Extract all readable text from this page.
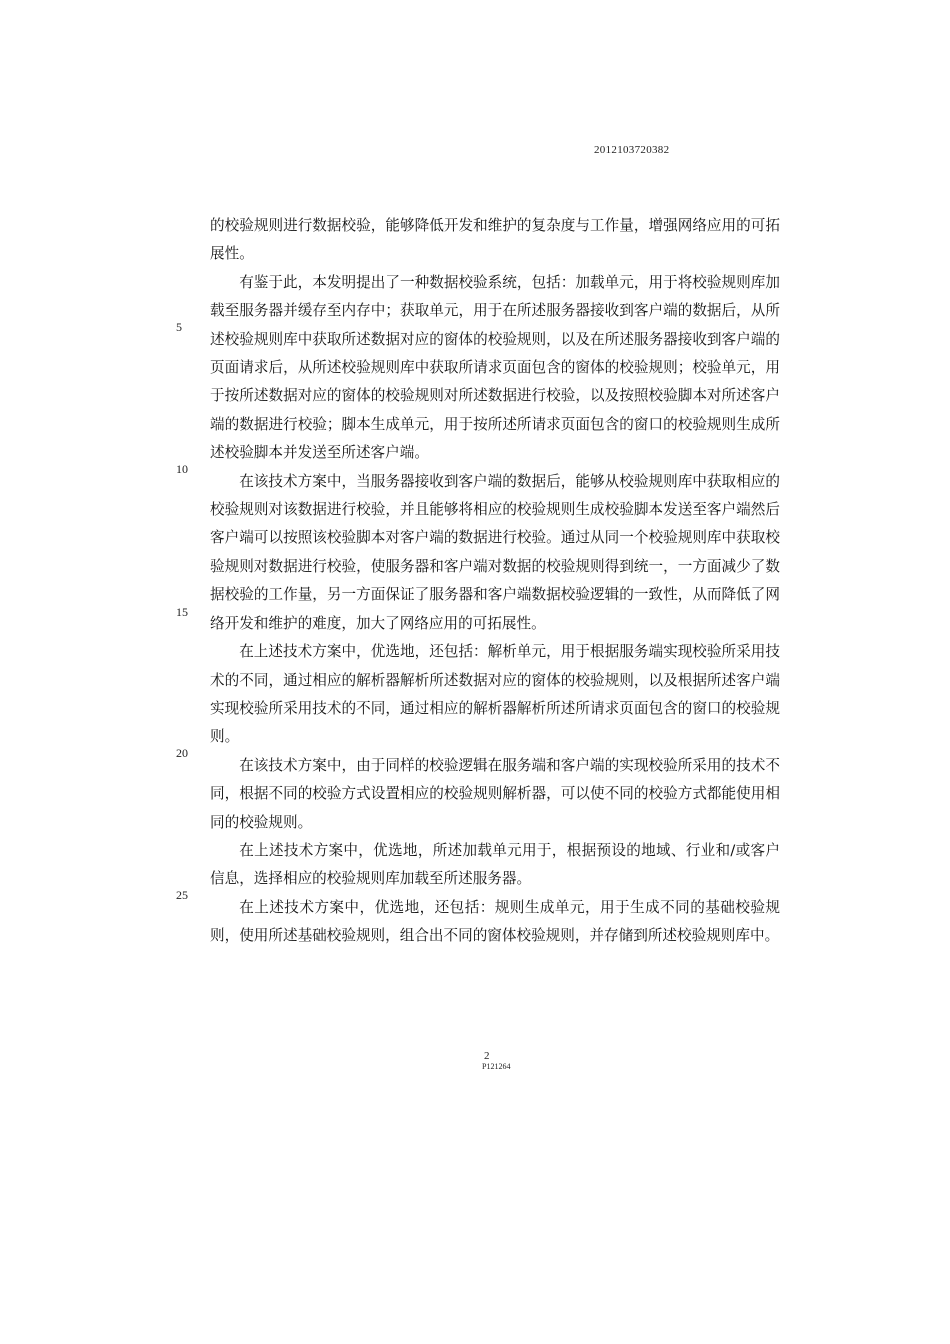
2012103720382
5
10
15
20
25

的校验规则进行数据校验，能够降低开发和维护的复杂度与工作量，增强网络应用的可拓展性。

有鉴于此，本发明提出了一种数据校验系统，包括：加载单元，用于将校验规则库加载至服务器并缓存至内存中；获取单元，用于在所述服务器接收到客户端的数据后，从所述校验规则库中获取所述数据对应的窗体的校验规则，以及在所述服务器接收到客户端的页面请求后，从所述校验规则库中获取所请求页面包含的窗体的校验规则；校验单元，用于按所述数据对应的窗体的校验规则对所述数据进行校验，以及按照校验脚本对所述客户端的数据进行校验；脚本生成单元，用于按所述所请求页面包含的窗口的校验规则生成所述校验脚本并发送至所述客户端。

在该技术方案中，当服务器接收到客户端的数据后，能够从校验规则库中获取相应的校验规则对该数据进行校验，并且能够将相应的校验规则生成校验脚本发送至客户端然后客户端可以按照该校验脚本对客户端的数据进行校验。通过从同一个校验规则库中获取校验规则对数据进行校验，使服务器和客户端对数据的校验规则得到统一，一方面减少了数据校验的工作量，另一方面保证了服务器和客户端数据校验逻辑的一致性，从而降低了网络开发和维护的难度，加大了网络应用的可拓展性。

在上述技术方案中，优选地，还包括：解析单元，用于根据服务端实现校验所采用技术的不同，通过相应的解析器解析所述数据对应的窗体的校验规则，以及根据所述客户端实现校验所采用技术的不同，通过相应的解析器解析所述所请求页面包含的窗口的校验规则。

在该技术方案中，由于同样的校验逻辑在服务端和客户端的实现校验所采用的技术不同，根据不同的校验方式设置相应的校验规则解析器，可以使不同的校验方式都能使用相同的校验规则。

在上述技术方案中，优选地，所述加载单元用于，根据预设的地域、行业和/或客户信息，选择相应的校验规则库加载至所述服务器。

在上述技术方案中，优选地，还包括：规则生成单元，用于生成不同的基础校验规则，使用所述基础校验规则，组合出不同的窗体校验规则，并存储到所述校验规则库中。

2
P121264
